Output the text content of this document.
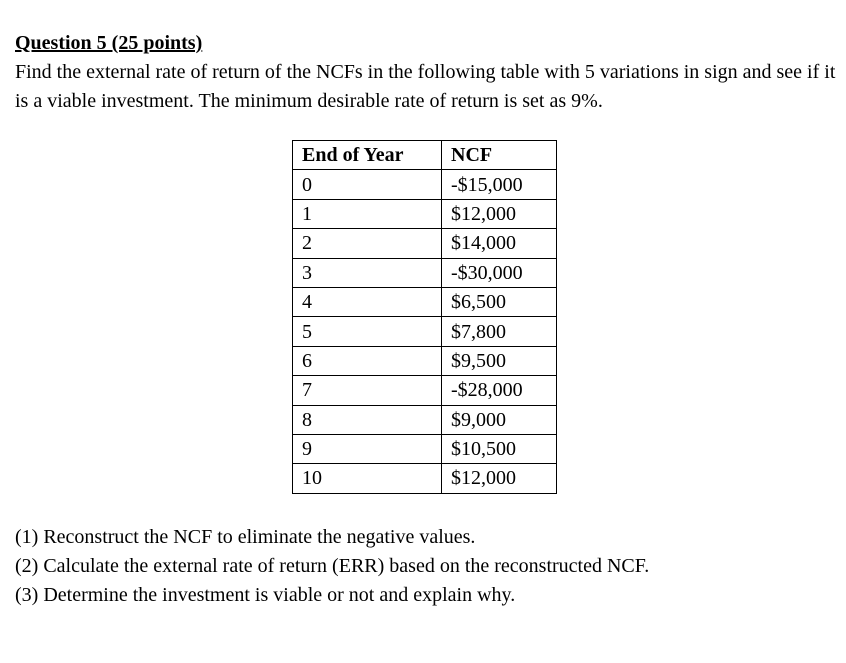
Question 5 (25 points)

Find the external rate of return of the NCFs in the following table with 5 variations in sign and see if it is a viable investment. The minimum desirable rate of return is set as 9%.

End of Year	NCF
0	-$15,000
1	$12,000
2	$14,000
3	-$30,000
4	$6,500
5	$7,800
6	$9,500
7	-$28,000
8	$9,000
9	$10,500
10	$12,000
(1) Reconstruct the NCF to eliminate the negative values.
(2) Calculate the external rate of return (ERR) based on the reconstructed NCF.
(3) Determine the investment is viable or not and explain why.
